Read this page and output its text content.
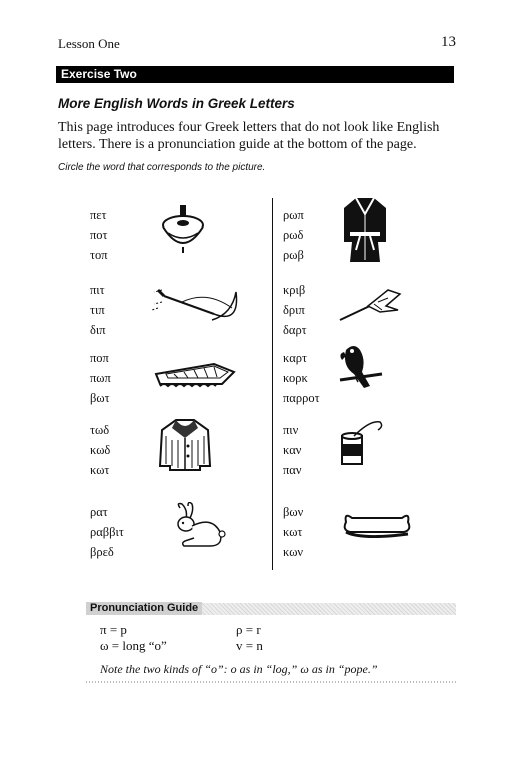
Lesson One	13
Exercise Two
More English Words in Greek Letters
This page introduces four Greek letters that do not look like English letters. There is a pronunciation guide at the bottom of the page.
Circle the word that corresponds to the picture.
πετ
ποτ
τοπ
πιτ
τιπ
διπ
ποπ
πωπ
βωτ
τωδ
κωδ
κωτ
ρατ
ραββιτ
βρεδ
ρωπ
ρωδ
ρωβ
κριβ
δριπ
δαρτ
καρτ
κορκ
παρροτ
πιν
καν
παν
βων
κωτ
κων
Pronunciation Guide
π = p	ρ = r
ω = long “o”	v = n
Note the two kinds of “o”: o as in “log,” ω as in “pope.”
